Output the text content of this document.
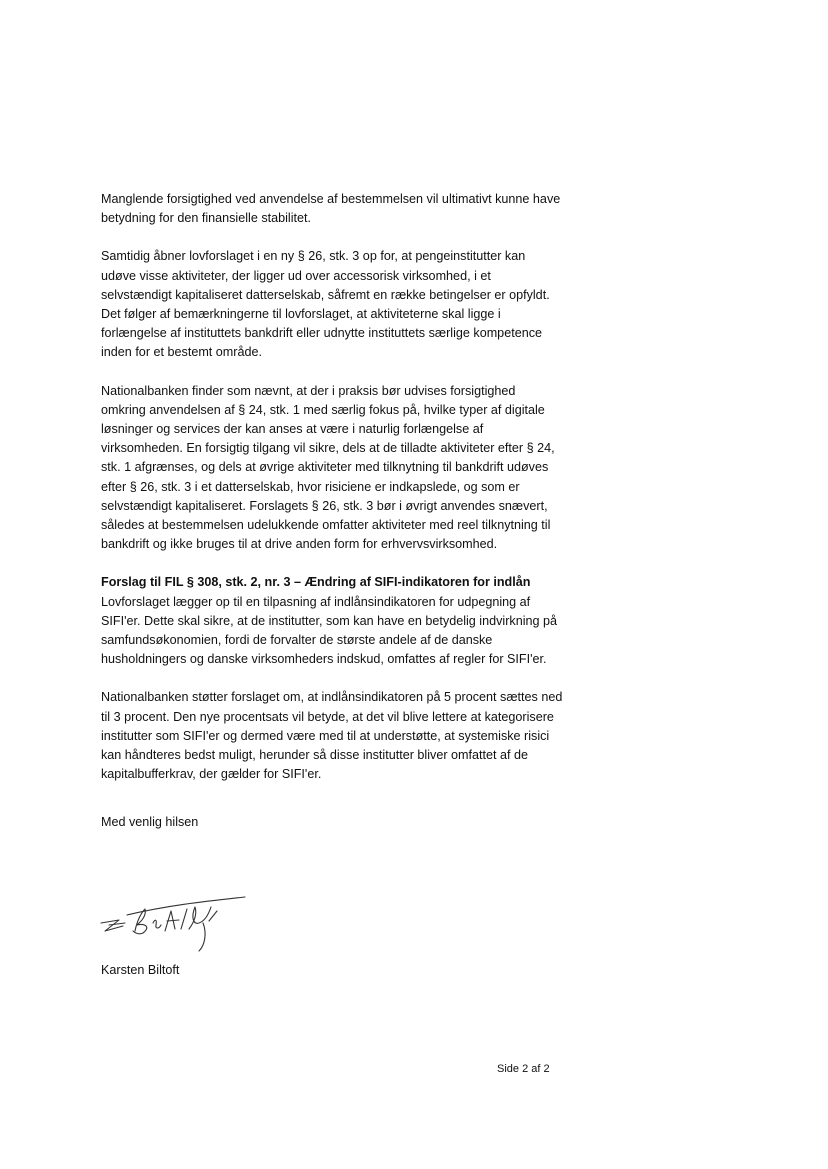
Manglende forsigtighed ved anvendelse af bestemmelsen vil ultimativt kunne have betydning for den finansielle stabilitet.

Samtidig åbner lovforslaget i en ny § 26, stk. 3 op for, at pengeinstitutter kan udøve visse aktiviteter, der ligger ud over accessorisk virksomhed, i et selvstændigt kapitaliseret datterselskab, såfremt en række betingelser er opfyldt. Det følger af bemærkningerne til lovforslaget, at aktiviteterne skal ligge i forlængelse af instituttets bankdrift eller udnytte instituttets særlige kompetence inden for et bestemt område.

Nationalbanken finder som nævnt, at der i praksis bør udvises forsigtighed omkring anvendelsen af § 24, stk. 1 med særlig fokus på, hvilke typer af digitale løsninger og services der kan anses at være i naturlig forlængelse af virksomheden. En forsigtig tilgang vil sikre, dels at de tilladte aktiviteter efter § 24, stk. 1 afgrænses, og dels at øvrige aktiviteter med tilknytning til bankdrift udøves efter § 26, stk. 3 i et datterselskab, hvor risiciene er indkapslede, og som er selvstændigt kapitaliseret. Forslagets § 26, stk. 3 bør i øvrigt anvendes snævert, således at bestemmelsen udelukkende omfatter aktiviteter med reel tilknytning til bankdrift og ikke bruges til at drive anden form for erhvervsvirksomhed.

Forslag til FIL § 308, stk. 2, nr. 3 – Ændring af SIFI-indikatoren for indlån
Lovforslaget lægger op til en tilpasning af indlånsindikatoren for udpegning af SIFI'er. Dette skal sikre, at de institutter, som kan have en betydelig indvirkning på samfundsøkonomien, fordi de forvalter de største andele af de danske husholdningers og danske virksomheders indskud, omfattes af regler for SIFI'er.

Nationalbanken støtter forslaget om, at indlånsindikatoren på 5 procent sættes ned til 3 procent. Den nye procentsats vil betyde, at det vil blive lettere at kategorisere institutter som SIFI'er og dermed være med til at understøtte, at systemiske risici kan håndteres bedst muligt, herunder så disse institutter bliver omfattet af de kapitalbufferkrav, der gælder for SIFI'er.

Med venlig hilsen

Karsten Biltoft
Side 2 af 2
